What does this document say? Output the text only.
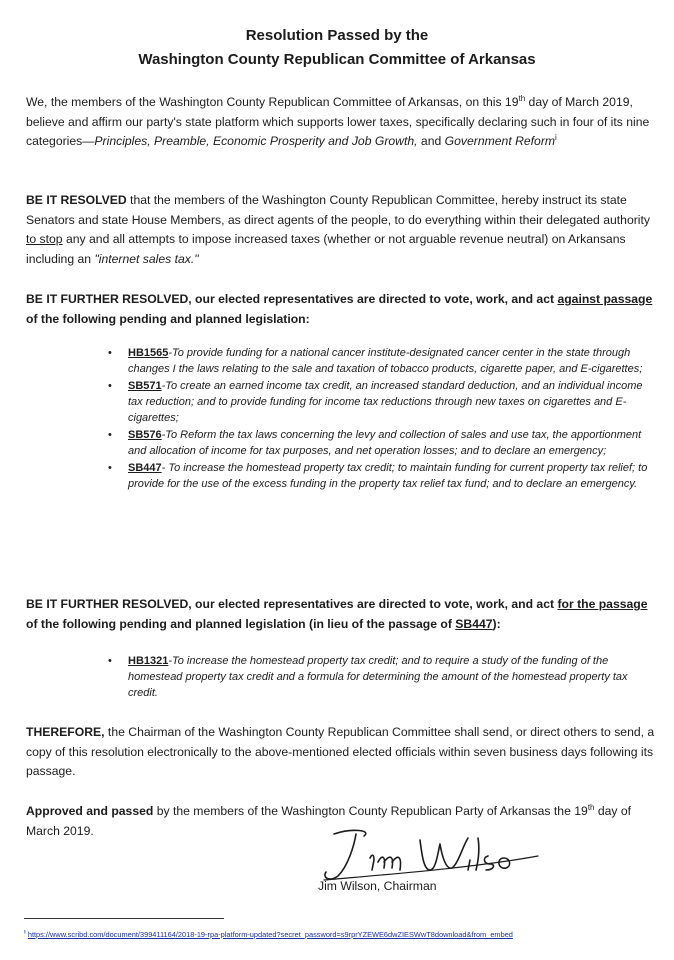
Resolution Passed by the
Washington County Republican Committee of Arkansas
We, the members of the Washington County Republican Committee of Arkansas, on this 19th day of March 2019, believe and affirm our party's state platform which supports lower taxes, specifically declaring such in four of its nine categories—Principles, Preamble, Economic Prosperity and Job Growth, and Government Reform$^i$
BE IT RESOLVED that the members of the Washington County Republican Committee, hereby instruct its state Senators and state House Members, as direct agents of the people, to do everything within their delegated authority to stop any and all attempts to impose increased taxes (whether or not arguable revenue neutral) on Arkansans including an "internet sales tax."
BE IT FURTHER RESOLVED, our elected representatives are directed to vote, work, and act against passage of the following pending and planned legislation:
• HB1565-To provide funding for a national cancer institute-designated cancer center in the state through changes I the laws relating to the sale and taxation of tobacco products, cigarette paper, and E-cigarettes;
• SB571-To create an earned income tax credit, an increased standard deduction, and an individual income tax reduction; and to provide funding for income tax reductions through new taxes on cigarettes and E-cigarettes;
• SB576-To Reform the tax laws concerning the levy and collection of sales and use tax, the apportionment and allocation of income for tax purposes, and net operation losses; and to declare an emergency;
• SB447- To increase the homestead property tax credit; to maintain funding for current property tax relief; to provide for the use of the excess funding in the property tax relief tax fund; and to declare an emergency.
BE IT FURTHER RESOLVED, our elected representatives are directed to vote, work, and act for the passage of the following pending and planned legislation (in lieu of the passage of SB447):
• HB1321-To increase the homestead property tax credit; and to require a study of the funding of the homestead property tax credit and a formula for determining the amount of the homestead property tax credit.
THEREFORE, the Chairman of the Washington County Republican Committee shall send, or direct others to send, a copy of this resolution electronically to the above-mentioned elected officials within seven business days following its passage.
Approved and passed by the members of the Washington County Republican Party of Arkansas the 19th day of March 2019.
Jim Wilson, Chairman
$^i$ https://www.scribd.com/document/399411164/2018-19-rpa-platform-updated?secret_password=s9rprYZEWE6dwZIESWwT8download&from_embed
